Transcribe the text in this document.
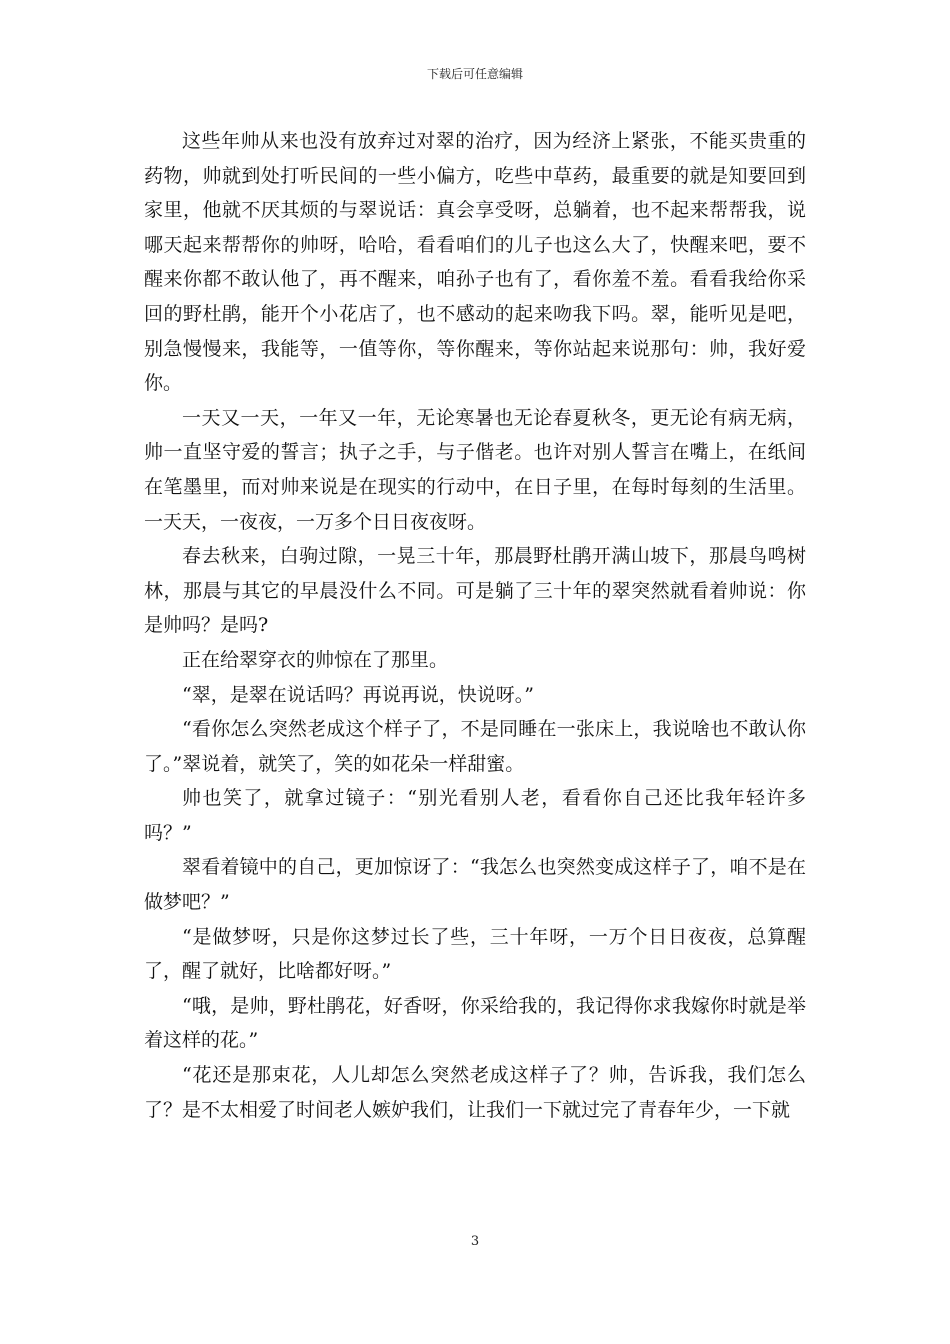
下载后可任意编辑

这些年帅从来也没有放弃过对翠的治疗，因为经济上紧张，不能买贵重的药物，帅就到处打听民间的一些小偏方，吃些中草药，最重要的就是知要回到家里，他就不厌其烦的与翠说话：真会享受呀，总躺着，也不起来帮帮我，说哪天起来帮帮你的帅呀，哈哈，看看咱们的儿子也这么大了，快醒来吧，要不醒来你都不敢认他了，再不醒来，咱孙子也有了，看你羞不羞。看看我给你采回的野杜鹃，能开个小花店了，也不感动的起来吻我下吗。翠，能听见是吧，别急慢慢来，我能等，一值等你，等你醒来，等你站起来说那句：帅，我好爱你。

一天又一天，一年又一年，无论寒暑也无论春夏秋冬，更无论有病无病，帅一直坚守爱的誓言；执子之手，与子偕老。也许对别人誓言在嘴上，在纸间在笔墨里，而对帅来说是在现实的行动中，在日子里，在每时每刻的生活里。一天天，一夜夜，一万多个日日夜夜呀。

春去秋来，白驹过隙，一晃三十年，那晨野杜鹃开满山坡下，那晨鸟鸣树林，那晨与其它的早晨没什么不同。可是躺了三十年的翠突然就看着帅说：你是帅吗？是吗?

正在给翠穿衣的帅惊在了那里。

“翠，是翠在说话吗？再说再说，快说呀。”

“看你怎么突然老成这个样子了，不是同睡在一张床上，我说啥也不敢认你了。”翠说着，就笑了，笑的如花朵一样甜蜜。

帅也笑了，就拿过镜子：“别光看别人老，看看你自己还比我年轻许多吗？”

翠看着镜中的自己，更加惊讶了：“我怎么也突然变成这样子了，咱不是在做梦吧？”

“是做梦呀，只是你这梦过长了些，三十年呀，一万个日日夜夜，总算醒了，醒了就好，比啥都好呀。”

“哦，是帅，野杜鹃花，好香呀，你采给我的，我记得你求我嫁你时就是举着这样的花。”

“花还是那束花，人儿却怎么突然老成这样子了？帅，告诉我，我们怎么了？是不太相爱了时间老人嫉妒我们，让我们一下就过完了青春年少，一下就

3
